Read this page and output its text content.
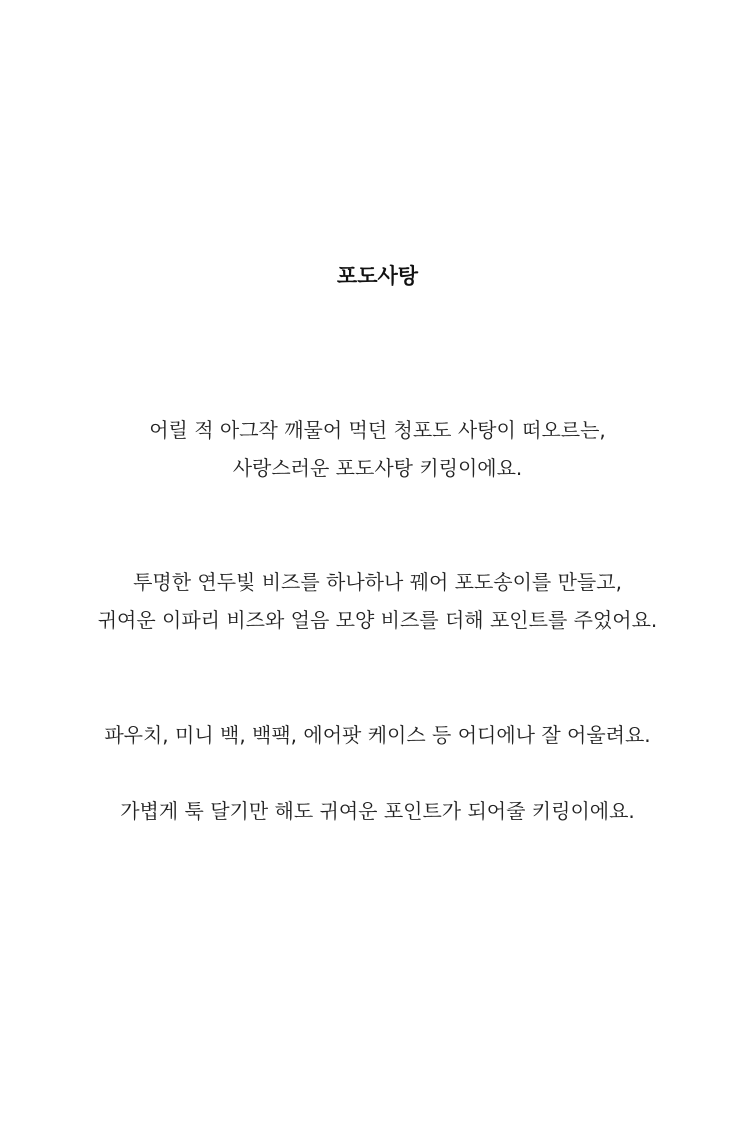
포도사탕
어릴 적 아그작 깨물어 먹던 청포도 사탕이 떠오르는,
사랑스러운 포도사탕 키링이에요.
투명한 연두빛 비즈를 하나하나 꿰어 포도송이를 만들고,
귀여운 이파리 비즈와 얼음 모양 비즈를 더해 포인트를 주었어요.
파우치, 미니 백, 백팩, 에어팟 케이스 등 어디에나 잘 어울려요.
가볍게 툭 달기만 해도 귀여운 포인트가 되어줄 키링이에요.
